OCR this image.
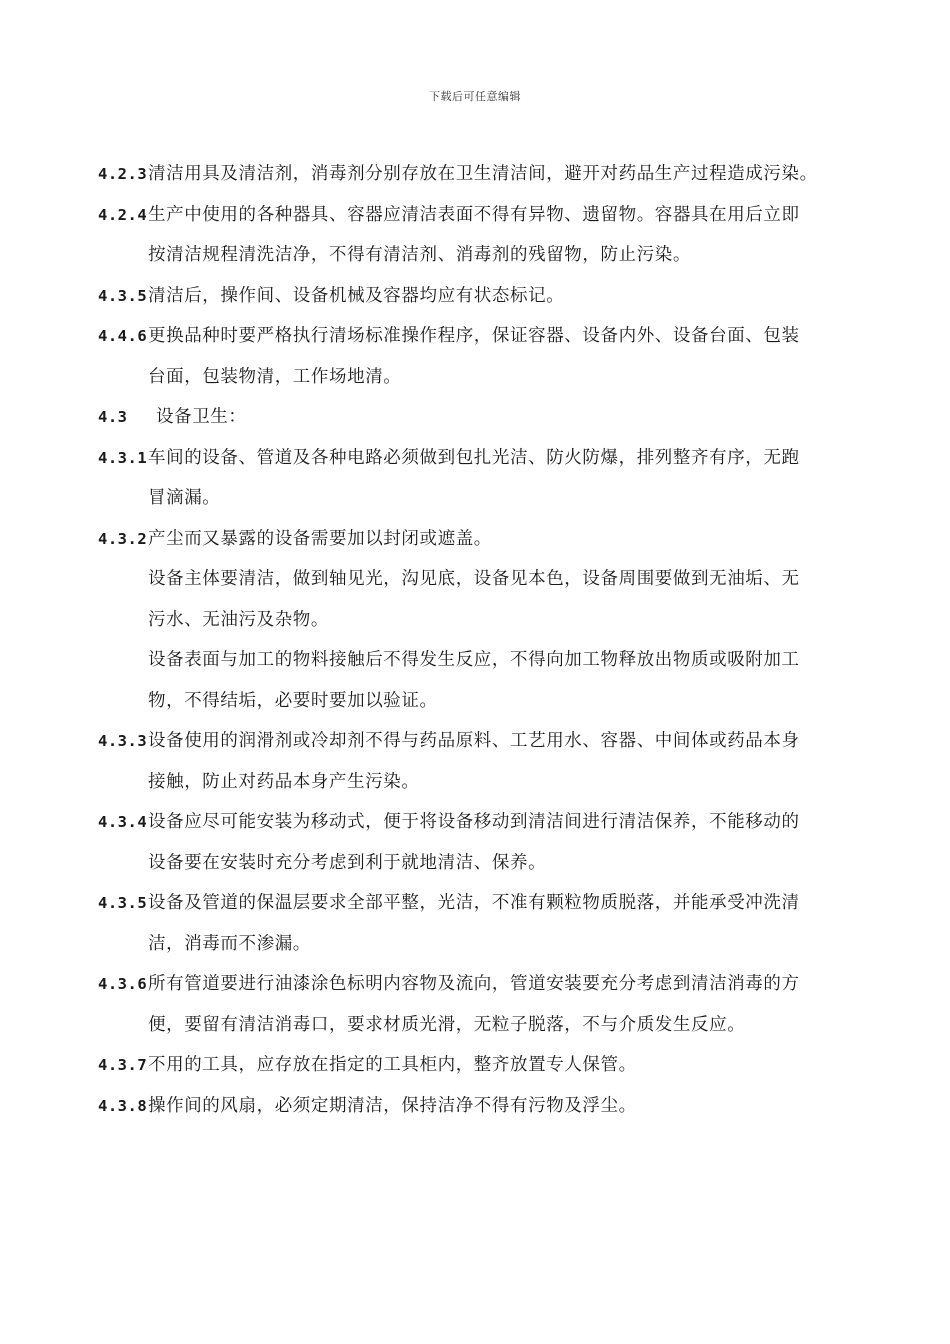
下载后可任意编辑
4.2.3 清洁用具及清洁剂，消毒剂分别存放在卫生清洁间，避开对药品生产过程造成污染。
4.2.4 生产中使用的各种器具、容器应清洁表面不得有异物、遗留物。容器具在用后立即
按清洁规程清洗洁净，不得有清洁剂、消毒剂的残留物，防止污染。
4.3.5 清洁后，操作间、设备机械及容器均应有状态标记。
4.4.6 更换品种时要严格执行清场标准操作程序，保证容器、设备内外、设备台面、包装
台面，包装物清，工作场地清。
4.3	设备卫生：
4.3.1 车间的设备、管道及各种电路必须做到包扎光洁、防火防爆，排列整齐有序，无跑
冒滴漏。
4.3.2 产尘而又暴露的设备需要加以封闭或遮盖。
设备主体要清洁，做到轴见光，沟见底，设备见本色，设备周围要做到无油垢、无
污水、无油污及杂物。
设备表面与加工的物料接触后不得发生反应，不得向加工物释放出物质或吸附加工
物，不得结垢，必要时要加以验证。
4.3.3 设备使用的润滑剂或冷却剂不得与药品原料、工艺用水、容器、中间体或药品本身
接触，防止对药品本身产生污染。
4.3.4 设备应尽可能安装为移动式，便于将设备移动到清洁间进行清洁保养，不能移动的
设备要在安装时充分考虑到利于就地清洁、保养。
4.3.5 设备及管道的保温层要求全部平整，光洁，不准有颗粒物质脱落，并能承受冲洗清
洁，消毒而不渗漏。
4.3.6 所有管道要进行油漆涂色标明内容物及流向，管道安装要充分考虑到清洁消毒的方
便，要留有清洁消毒口，要求材质光滑，无粒子脱落，不与介质发生反应。
4.3.7 不用的工具，应存放在指定的工具柜内，整齐放置专人保管。
4.3.8 操作间的风扇，必须定期清洁，保持洁净不得有污物及浮尘。
